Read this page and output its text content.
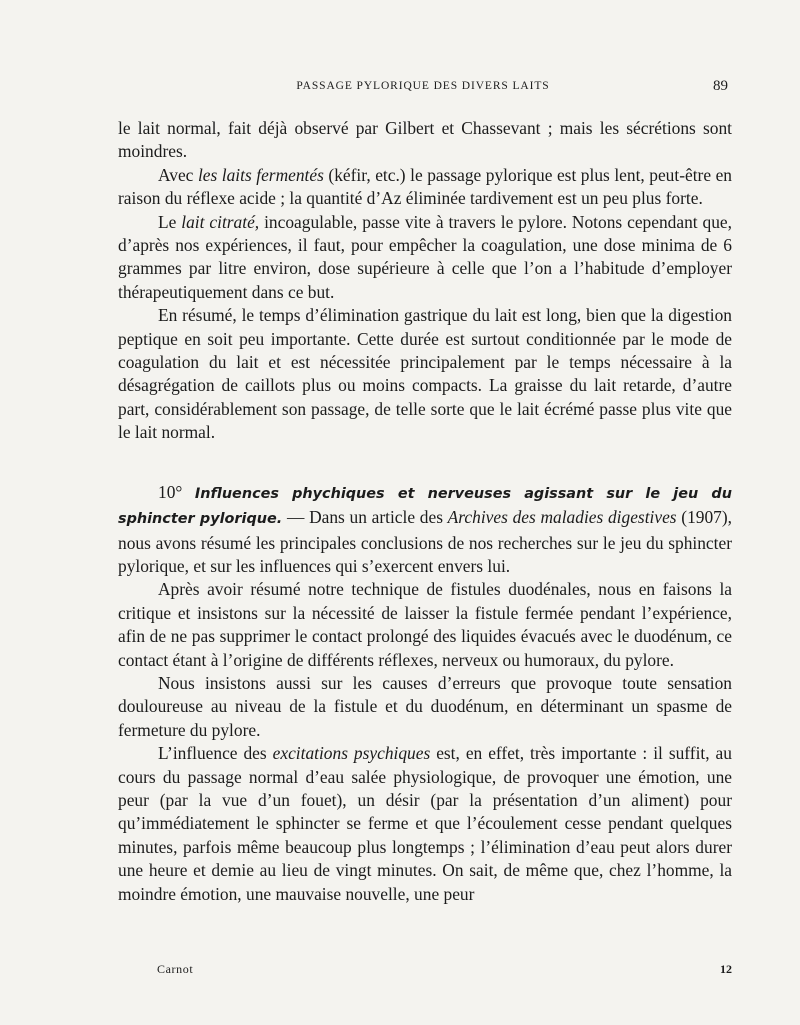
PASSAGE PYLORIQUE DES DIVERS LAITS	89

le lait normal, fait déjà observé par Gilbert et Chassevant ; mais les sécrétions sont moindres.

Avec les laits fermentés (kéfir, etc.) le passage pylorique est plus lent, peut-être en raison du réflexe acide ; la quantité d’Az éliminée tardivement est un peu plus forte.

Le lait citraté, incoagulable, passe vite à travers le pylore. Notons cependant que, d’après nos expériences, il faut, pour empêcher la coagulation, une dose minima de 6 grammes par litre environ, dose supérieure à celle que l’on a l’habitude d’employer thérapeutiquement dans ce but.

En résumé, le temps d’élimination gastrique du lait est long, bien que la digestion peptique en soit peu importante. Cette durée est surtout conditionnée par le mode de coagulation du lait et est nécessitée principalement par le temps nécessaire à la désagrégation de caillots plus ou moins compacts. La graisse du lait retarde, d’autre part, considérablement son passage, de telle sorte que le lait écrémé passe plus vite que le lait normal.

10° Influences phychiques et nerveuses agissant sur le jeu du sphincter pylorique. — Dans un article des Archives des maladies digestives (1907), nous avons résumé les principales conclusions de nos recherches sur le jeu du sphincter pylorique, et sur les influences qui s’exercent envers lui.

Après avoir résumé notre technique de fistules duodénales, nous en faisons la critique et insistons sur la nécessité de laisser la fistule fermée pendant l’expérience, afin de ne pas supprimer le contact prolongé des liquides évacués avec le duodénum, ce contact étant à l’origine de différents réflexes, nerveux ou humoraux, du pylore.

Nous insistons aussi sur les causes d’erreurs que provoque toute sensation douloureuse au niveau de la fistule et du duodénum, en déterminant un spasme de fermeture du pylore.

L’influence des excitations psychiques est, en effet, très importante : il suffit, au cours du passage normal d’eau salée physiologique, de provoquer une émotion, une peur (par la vue d’un fouet), un désir (par la présentation d’un aliment) pour qu’immédiatement le sphincter se ferme et que l’écoulement cesse pendant quelques minutes, parfois même beaucoup plus longtemps ; l’élimination d’eau peut alors durer une heure et demie au lieu de vingt minutes. On sait, de même que, chez l’homme, la moindre émotion, une mauvaise nouvelle, une peur

Carnot	12
